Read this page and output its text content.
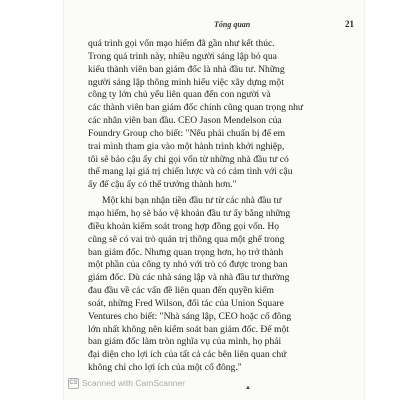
Tổng quan	21
quá trình gọi vốn mạo hiểm đã gần như kết thúc.
Trong quá trình này, nhiều người sáng lập bỏ qua
kiểu thành viên ban giám đốc là nhà đầu tư. Những
người sáng lập thông minh hiểu việc xây dựng một
công ty lớn chủ yếu liên quan đến con người và
các thành viên ban giám đốc chính cũng quan trọng như
các nhân viên ban đầu. CEO Jason Mendelson của
Foundry Group cho biết: "Nếu phải chuẩn bị để em
trai mình tham gia vào một hành trình khởi nghiệp,
tôi sẽ bảo cậu ấy chỉ gọi vốn từ những nhà đầu tư có
thể mang lại giá trị chiến lược và có cảm tình với cậu
ấy để cậu ấy có thể trưởng thành hơn."
Một khi bạn nhận tiền đầu tư từ các nhà đầu tư
mạo hiểm, họ sẽ bảo vệ khoản đầu tư ấy bằng những
điều khoản kiểm soát trong hợp đồng gọi vốn. Họ
cũng sẽ có vai trò quản trị thông qua một ghế trong
ban giám đốc. Nhưng quan trọng hơn, họ trở thành
một phần của công ty nhỏ với trò có được trong ban
giám đốc. Dù các nhà sáng lập và nhà đầu tư thường
đau đầu về các vấn đề liên quan đến quyền kiểm
soát, những Fred Wilson, đối tác của Union Square
Ventures cho biết: "Nhà sáng lập, CEO hoặc cổ đông
lớn nhất không nên kiểm soát ban giám đốc. Để một
ban giám đốc làm tròn nghĩa vụ của mình, họ phải
đại diện cho lợi ích của tất cả các bên liên quan chứ
không chỉ cho lợi ích của một cổ đông."
▲
CS Scanned with CamScanner
